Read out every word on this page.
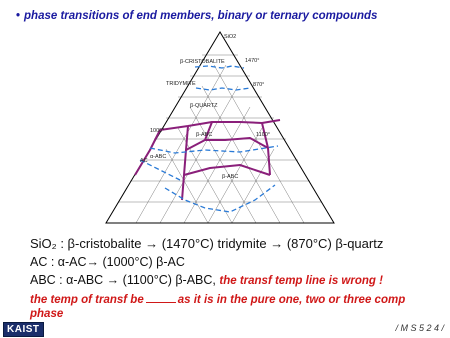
• phase transitions of end members, binary or ternary compounds
SiO2
β-CRISTOBALITE	1470°
TRIDYMITE	870°
β-QUARTZ
1100°
β-ABC
1000°
α-ABC
AC
β-ABC
SiO₂ : β-cristobalite → (1470°C) tridymite → (870°C) β-quartz
AC : α-AC→ (1000°C) β-AC
ABC : α-ABC → (1100°C) β-ABC, the transf temp line is wrong !
the temp of transf be	as it is in the pure one, two or three comp phase
KAIST	/ M S 5 2 4 /
